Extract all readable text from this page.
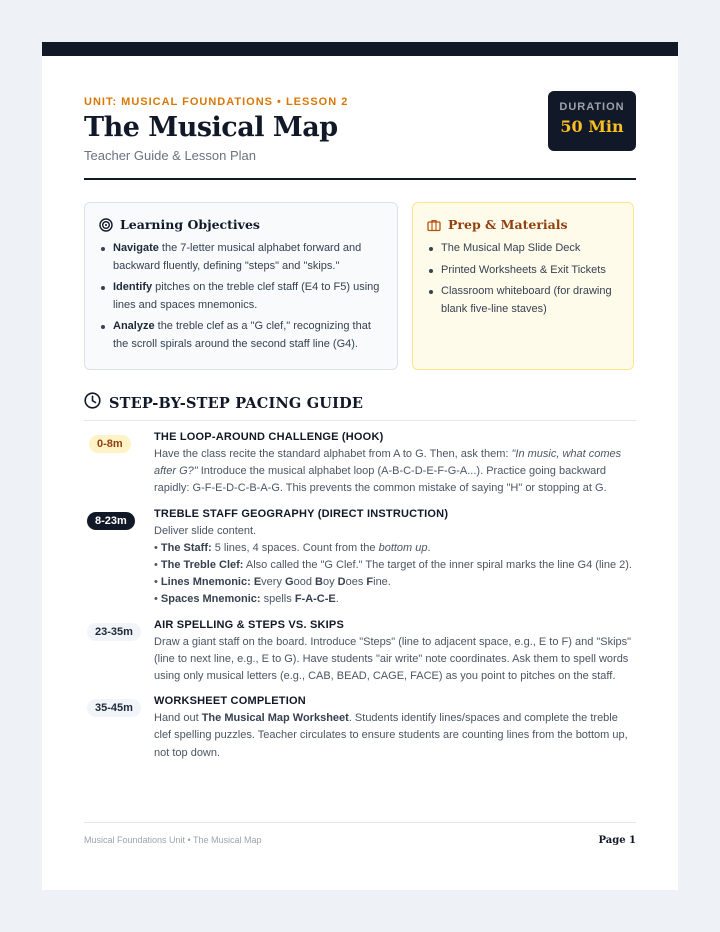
UNIT: MUSICAL FOUNDATIONS • LESSON 2
The Musical Map
Teacher Guide & Lesson Plan
DURATION
50 Min
Learning Objectives
Navigate the 7-letter musical alphabet forward and backward fluently, defining "steps" and "skips."
Identify pitches on the treble clef staff (E4 to F5) using lines and spaces mnemonics.
Analyze the treble clef as a "G clef," recognizing that the scroll spirals around the second staff line (G4).
Prep & Materials
The Musical Map Slide Deck
Printed Worksheets & Exit Tickets
Classroom whiteboard (for drawing blank five-line staves)
STEP-BY-STEP PACING GUIDE
0-8m
THE LOOP-AROUND CHALLENGE (HOOK)
Have the class recite the standard alphabet from A to G. Then, ask them: "In music, what comes after G?" Introduce the musical alphabet loop (A-B-C-D-E-F-G-A...). Practice going backward rapidly: G-F-E-D-C-B-A-G. This prevents the common mistake of saying "H" or stopping at G.
8-23m
TREBLE STAFF GEOGRAPHY (DIRECT INSTRUCTION)
Deliver slide content.
• The Staff: 5 lines, 4 spaces. Count from the bottom up.
• The Treble Clef: Also called the "G Clef." The target of the inner spiral marks the line G4 (line 2).
• Lines Mnemonic: Every Good Boy Does Fine.
• Spaces Mnemonic: spells F-A-C-E.
23-35m
AIR SPELLING & STEPS VS. SKIPS
Draw a giant staff on the board. Introduce "Steps" (line to adjacent space, e.g., E to F) and "Skips" (line to next line, e.g., E to G). Have students "air write" note coordinates. Ask them to spell words using only musical letters (e.g., CAB, BEAD, CAGE, FACE) as you point to pitches on the staff.
35-45m
WORKSHEET COMPLETION
Hand out The Musical Map Worksheet. Students identify lines/spaces and complete the treble clef spelling puzzles. Teacher circulates to ensure students are counting lines from the bottom up, not top down.
Musical Foundations Unit • The Musical Map	Page 1
